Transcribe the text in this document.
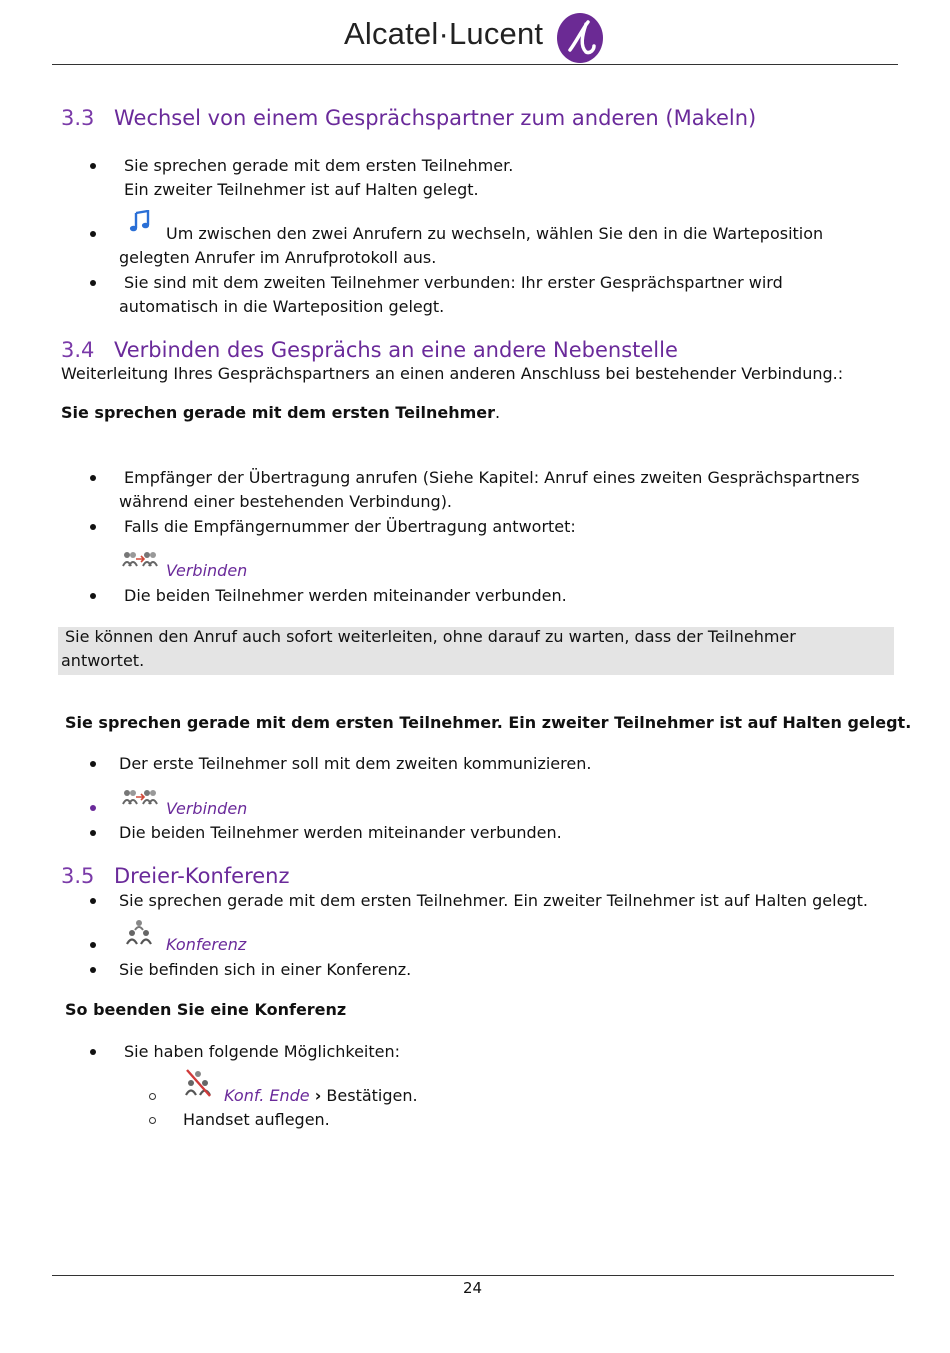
Alcatel·Lucent
3.3 Wechsel von einem Gesprächspartner zum anderen (Makeln)
Sie sprechen gerade mit dem ersten Teilnehmer.
Ein zweiter Teilnehmer ist auf Halten gelegt.
Um zwischen den zwei Anrufern zu wechseln, wählen Sie den in die Warteposition
gelegten Anrufer im Anrufprotokoll aus.
Sie sind mit dem zweiten Teilnehmer verbunden: Ihr erster Gesprächspartner wird
automatisch in die Warteposition gelegt.
3.4 Verbinden des Gesprächs an eine andere Nebenstelle
Weiterleitung Ihres Gesprächspartners an einen anderen Anschluss bei bestehender Verbindung.:
Sie sprechen gerade mit dem ersten Teilnehmer.
Empfänger der Übertragung anrufen (Siehe Kapitel: Anruf eines zweiten Gesprächspartners
während einer bestehenden Verbindung).
Falls die Empfängernummer der Übertragung antwortet:
Verbinden
Die beiden Teilnehmer werden miteinander verbunden.
Sie können den Anruf auch sofort weiterleiten, ohne darauf zu warten, dass der Teilnehmer
antwortet.
Sie sprechen gerade mit dem ersten Teilnehmer. Ein zweiter Teilnehmer ist auf Halten gelegt.
Der erste Teilnehmer soll mit dem zweiten kommunizieren.
Verbinden
Die beiden Teilnehmer werden miteinander verbunden.
3.5 Dreier-Konferenz
Sie sprechen gerade mit dem ersten Teilnehmer. Ein zweiter Teilnehmer ist auf Halten gelegt.
Konferenz
Sie befinden sich in einer Konferenz.
So beenden Sie eine Konferenz
Sie haben folgende Möglichkeiten:
Konf. Ende › Bestätigen.
Handset auflegen.
24
